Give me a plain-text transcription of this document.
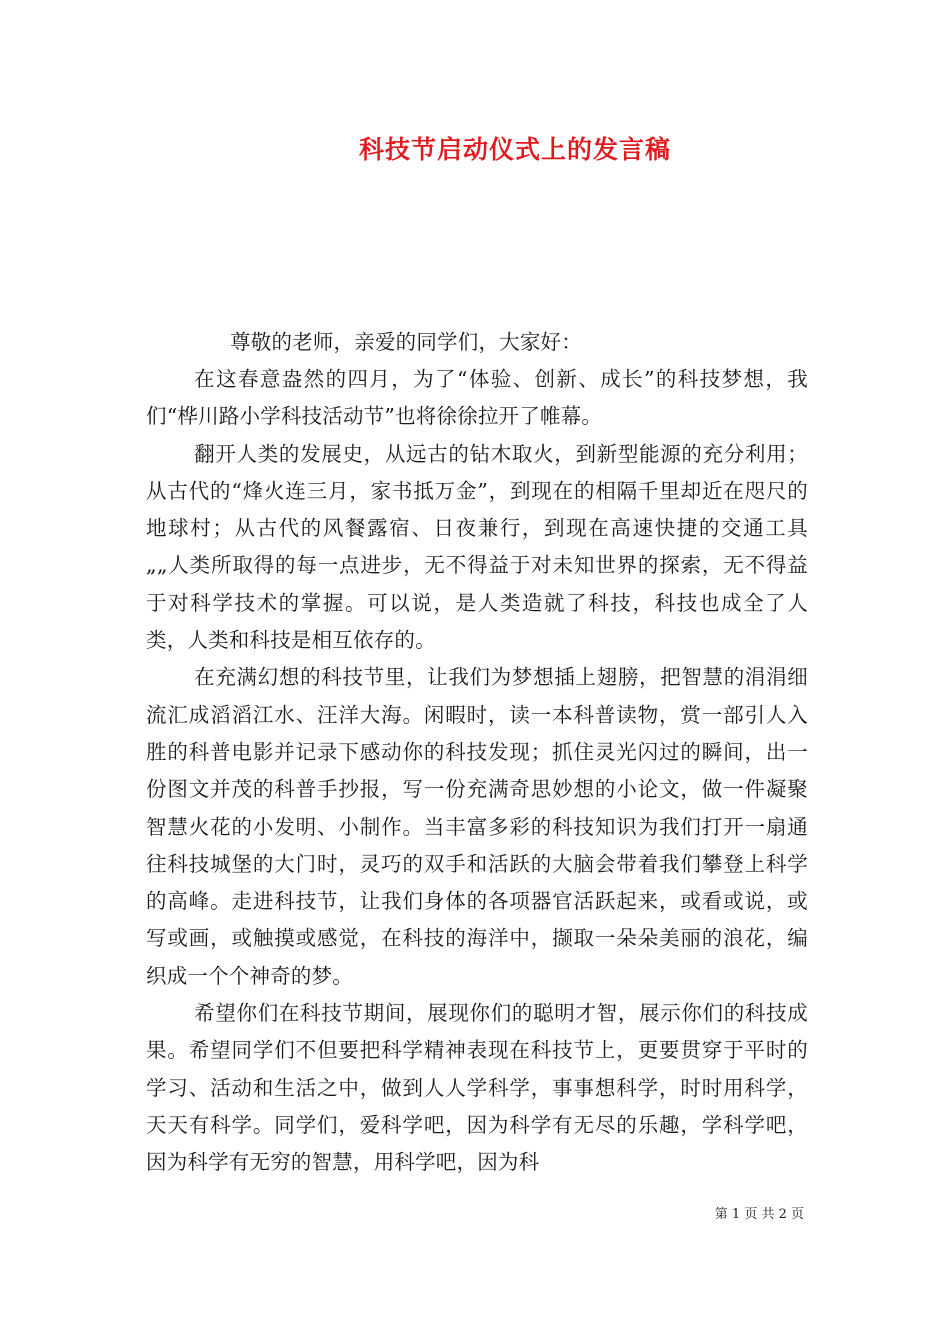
科技节启动仪式上的发言稿

尊敬的老师，亲爱的同学们，大家好：

在这春意盎然的四月，为了“体验、创新、成长”的科技梦想，我们“桦川路小学科技活动节”也将徐徐拉开了帷幕。

翻开人类的发展史，从远古的钻木取火，到新型能源的充分利用；从古代的“烽火连三月，家书抵万金”，到现在的相隔千里却近在咫尺的地球村；从古代的风餐露宿、日夜兼行，到现在高速快捷的交通工具„„人类所取得的每一点进步，无不得益于对未知世界的探索，无不得益于对科学技术的掌握。可以说，是人类造就了科技，科技也成全了人类，人类和科技是相互依存的。

在充满幻想的科技节里，让我们为梦想插上翅膀，把智慧的涓涓细流汇成滔滔江水、汪洋大海。闲暇时，读一本科普读物，赏一部引人入胜的科普电影并记录下感动你的科技发现；抓住灵光闪过的瞬间，出一份图文并茂的科普手抄报，写一份充满奇思妙想的小论文，做一件凝聚智慧火花的小发明、小制作。当丰富多彩的科技知识为我们打开一扇通往科技城堡的大门时，灵巧的双手和活跃的大脑会带着我们攀登上科学的高峰。走进科技节，让我们身体的各项器官活跃起来，或看或说，或写或画，或触摸或感觉，在科技的海洋中，撷取一朵朵美丽的浪花，编织成一个个神奇的梦。

希望你们在科技节期间，展现你们的聪明才智，展示你们的科技成果。希望同学们不但要把科学精神表现在科技节上，更要贯穿于平时的学习、活动和生活之中，做到人人学科学，事事想科学，时时用科学，天天有科学。同学们，爱科学吧，因为科学有无尽的乐趣，学科学吧，因为科学有无穷的智慧，用科学吧，因为科

第 1 页 共 2 页
